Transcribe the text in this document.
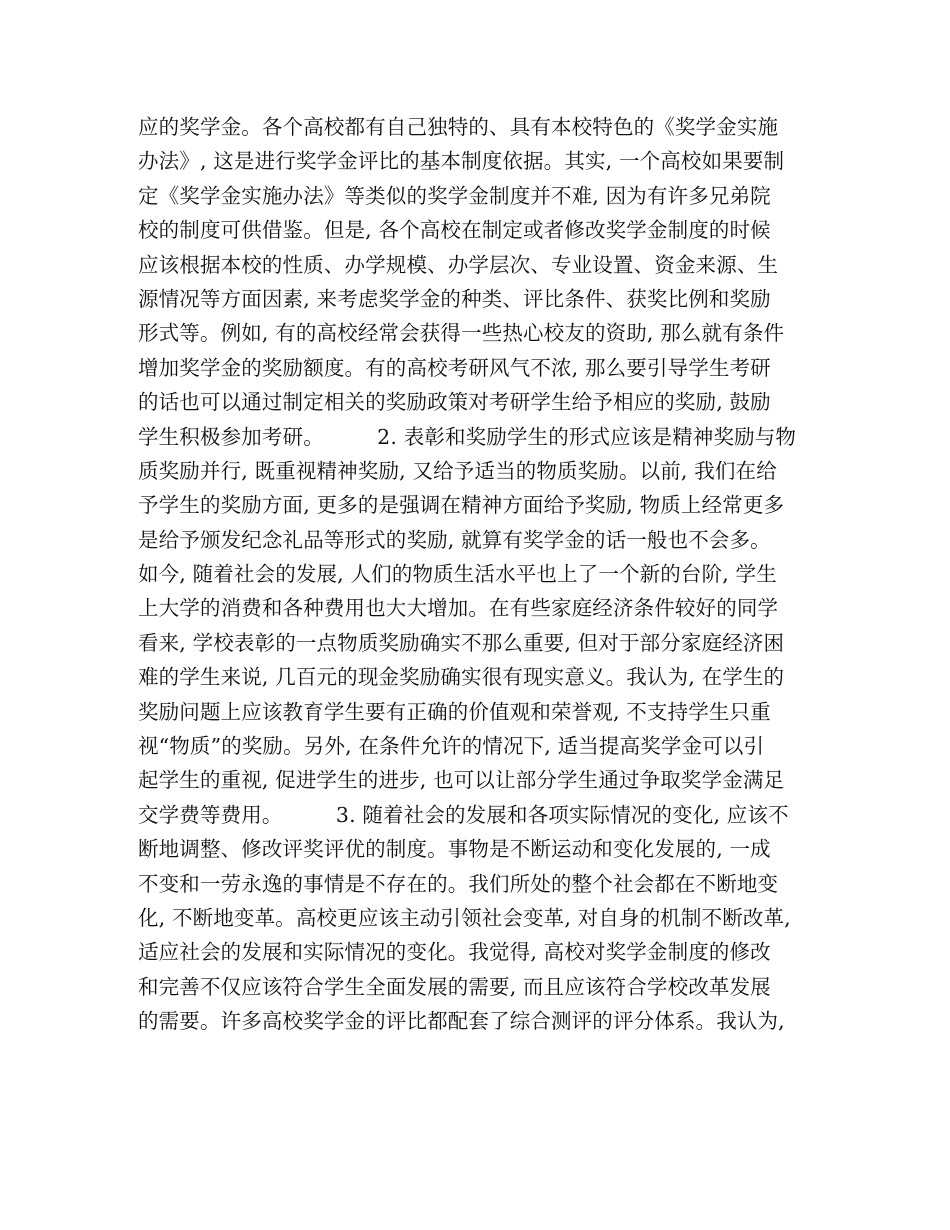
应的奖学金。各个高校都有自己独特的、具有本校特色的《奖学金实施
办法》, 这是进行奖学金评比的基本制度依据。其实, 一个高校如果要制
定《奖学金实施办法》等类似的奖学金制度并不难, 因为有许多兄弟院
校的制度可供借鉴。但是, 各个高校在制定或者修改奖学金制度的时候
应该根据本校的性质、办学规模、办学层次、专业设置、资金来源、生
源情况等方面因素, 来考虑奖学金的种类、评比条件、获奖比例和奖励
形式等。例如, 有的高校经常会获得一些热心校友的资助, 那么就有条件
增加奖学金的奖励额度。有的高校考研风气不浓, 那么要引导学生考研
的话也可以通过制定相关的奖励政策对考研学生给予相应的奖励, 鼓励
学生积极参加考研。        2. 表彰和奖励学生的形式应该是精神奖励与物
质奖励并行, 既重视精神奖励, 又给予适当的物质奖励。以前, 我们在给
予学生的奖励方面, 更多的是强调在精神方面给予奖励, 物质上经常更多
是给予颁发纪念礼品等形式的奖励, 就算有奖学金的话一般也不会多。
如今, 随着社会的发展, 人们的物质生活水平也上了一个新的台阶, 学生
上大学的消费和各种费用也大大增加。在有些家庭经济条件较好的同学
看来, 学校表彰的一点物质奖励确实不那么重要, 但对于部分家庭经济困
难的学生来说, 几百元的现金奖励确实很有现实意义。我认为, 在学生的
奖励问题上应该教育学生要有正确的价值观和荣誉观, 不支持学生只重
视“物质”的奖励。另外, 在条件允许的情况下, 适当提高奖学金可以引
起学生的重视, 促进学生的进步, 也可以让部分学生通过争取奖学金满足
交学费等费用。        3. 随着社会的发展和各项实际情况的变化, 应该不
断地调整、修改评奖评优的制度。事物是不断运动和变化发展的, 一成
不变和一劳永逸的事情是不存在的。我们所处的整个社会都在不断地变
化, 不断地变革。高校更应该主动引领社会变革, 对自身的机制不断改革,
适应社会的发展和实际情况的变化。我觉得, 高校对奖学金制度的修改
和完善不仅应该符合学生全面发展的需要, 而且应该符合学校改革发展
的需要。许多高校奖学金的评比都配套了综合测评的评分体系。我认为,
